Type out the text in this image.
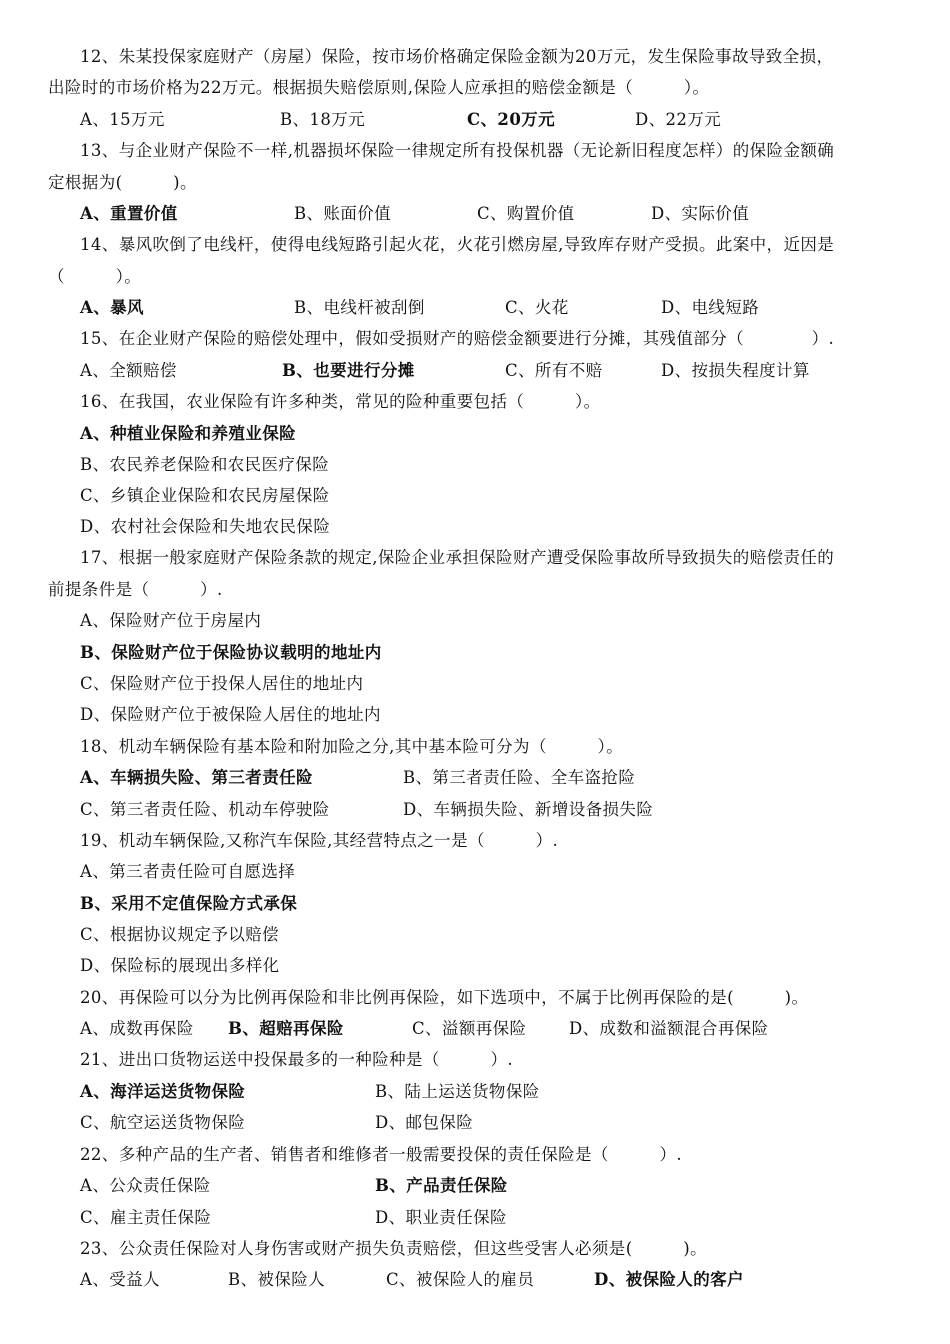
12、朱某投保家庭财产（房屋）保险，按市场价格确定保险金额为20万元，发生保险事故导致全损，
出险时的市场价格为22万元。根据损失赔偿原则,保险人应承担的赔偿金额是（　　　）。
A、15万元	B、18万元	C、20万元	D、22万元
13、与企业财产保险不一样,机器损坏保险一律规定所有投保机器（无论新旧程度怎样）的保险金额确
定根据为(　　　)。
A、重置价值	B、账面价值	C、购置价值	D、实际价值
14、暴风吹倒了电线杆，使得电线短路引起火花，火花引燃房屋,导致库存财产受损。此案中，近因是
（　　　）。
A、暴风	B、电线杆被刮倒	C、火花	D、电线短路
15、在企业财产保险的赔偿处理中，假如受损财产的赔偿金额要进行分摊，其残值部分（　　　　）.
A、全额赔偿	B、也要进行分摊	C、所有不赔	D、按损失程度计算
16、在我国，农业保险有许多种类，常见的险种重要包括（　　　）。
A、种植业保险和养殖业保险
B、农民养老保险和农民医疗保险
C、乡镇企业保险和农民房屋保险
D、农村社会保险和失地农民保险
17、根据一般家庭财产保险条款的规定,保险企业承担保险财产遭受保险事故所导致损失的赔偿责任的
前提条件是（　　　）.
A、保险财产位于房屋内
B、保险财产位于保险协议载明的地址内
C、保险财产位于投保人居住的地址内
D、保险财产位于被保险人居住的地址内
18、机动车辆保险有基本险和附加险之分,其中基本险可分为（　　　）。
A、车辆损失险、第三者责任险	B、第三者责任险、全车盗抢险
C、第三者责任险、机动车停驶险	D、车辆损失险、新增设备损失险
19、机动车辆保险,又称汽车保险,其经营特点之一是（　　　）.
A、第三者责任险可自愿选择
B、采用不定值保险方式承保
C、根据协议规定予以赔偿
D、保险标的展现出多样化
20、再保险可以分为比例再保险和非比例再保险，如下选项中，不属于比例再保险的是(　　　)。
A、成数再保险 B、超赔再保险	C、溢额再保险	D、成数和溢额混合再保险
21、进出口货物运送中投保最多的一种险种是（　　　）.
A、海洋运送货物保险	B、陆上运送货物保险
C、航空运送货物保险	D、邮包保险
22、多种产品的生产者、销售者和维修者一般需要投保的责任保险是（　　　）.
A、公众责任保险	B、产品责任保险
C、雇主责任保险	D、职业责任保险
23、公众责任保险对人身伤害或财产损失负责赔偿，但这些受害人必须是(　　　)。
A、受益人	B、被保险人	C、被保险人的雇员	D、被保险人的客户
